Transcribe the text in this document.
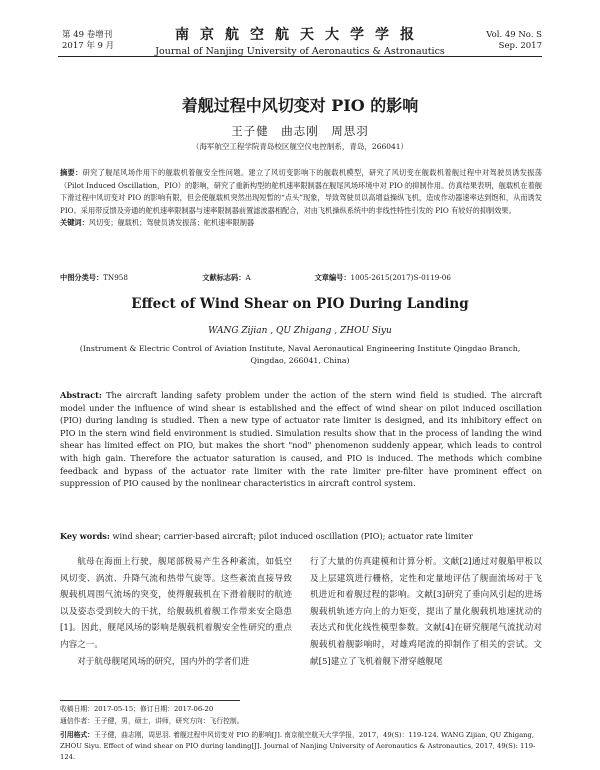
第 49 卷增刊
2017 年 9 月
南京航空航天大学学报
Journal of Nanjing University of Aeronautics & Astronautics
Vol. 49 No. S
Sep. 2017
着舰过程中风切变对 PIO 的影响
王子健　曲志刚　周思羽
（海军航空工程学院青岛校区舰空仪电控制系，青岛，266041）
摘要：研究了舰尾风场作用下的舰载机着舰安全性问题。建立了风切变影响下的舰载机模型，研究了风切变在舰载机着舰过程中对驾驶员诱发振荡（Pilot Induced Oscillation，PIO）的影响，研究了重新构型的舵机速率限制器在舰尾风场环境中对 PIO 的抑制作用。仿真结果表明，舰载机在着舰下滑过程中风切变对 PIO 的影响有限，但会使舰载机突然出现短暂的“点头”现象，导致驾驶员以高增益操纵飞机，造成作动器速率达到饱和，从而诱发 PIO。采用带反馈及旁通的舵机速率限制器与速率限制器前置滤波器相配合，对由飞机操纵系统中的非线性特性引发的 PIO 有较好的抑制效果。
关键词：风切变；舰载机；驾驶员诱发振荡；舵机速率限制器
中图分类号：TN958	文献标志码：A	文章编号：1005-2615(2017)S-0119-06
Effect of Wind Shear on PIO During Landing
WANG Zijian , QU Zhigang , ZHOU Siyu
(Instrument & Electric Control of Aviation Institute, Naval Aeronautical Engineering Institute Qingdao Branch,
Qingdao, 266041, China)
Abstract: The aircraft landing safety problem under the action of the stern wind field is studied. The aircraft model under the influence of wind shear is established and the effect of wind shear on pilot induced oscillation (PIO) during landing is studied. Then a new type of actuator rate limiter is designed, and its inhibitory effect on PIO in the stern wind field environment is studied. Simulation results show that in the process of landing the wind shear has limited effect on PIO, but makes the short "nod" phenomenon suddenly appear, which leads to control with high gain. Therefore the actuator saturation is caused, and PIO is induced. The methods which combine feedback and bypass of the actuator rate limiter with the rate limiter pre-filter have prominent effect on suppression of PIO caused by the nonlinear characteristics in aircraft control system.
Key words: wind shear; carrier-based aircraft; pilot induced oscillation (PIO); actuator rate limiter
航母在海面上行驶，舰尾部极易产生各种紊流，如低空风切变、涡流、升降气流和热带气旋等。这些紊流直接导致舰载机周围气流场的突变，使得舰载机在下滑着舰时的航迹以及姿态受到较大的干扰，给舰载机着舰工作带来安全隐患[1]。因此，舰尾风场的影响是舰载机着舰安全性研究的重点内容之一。
对于航母舰尾风场的研究，国内外的学者们进
行了大量的仿真建模和计算分析。文献[2]通过对舰船甲板以及上层建筑进行栅格，定性和定量地评估了舰面流场对于飞机进近和着舰过程的影响。文献[3]研究了垂向风引起的进场舰载机轨迹方向上的力矩变，提出了量化舰载机地速扰动的表达式和优化线性模型参数。文献[4]在研究舰尾气流扰动对舰载机着舰影响时，对雄鸡尾流的抑制作了相关的尝试。文献[5]建立了飞机着舰下滑穿越舰尾
收稿日期：2017-05-15；修订日期：2017-06-20
通信作者：王子健，男，硕士，讲师，研究方向：飞行控制。
引用格式：王子健，曲志刚，周思羽. 着舰过程中风切变对 PIO 的影响[J]. 南京航空航天大学学报，2017，49(S)：119-124. WANG Zijian, QU Zhigang, ZHOU Siyu. Effect of wind shear on PIO during landing[J]. Journal of Nanjing University of Aeronautics & Astronautics, 2017, 49(S): 119-124.
